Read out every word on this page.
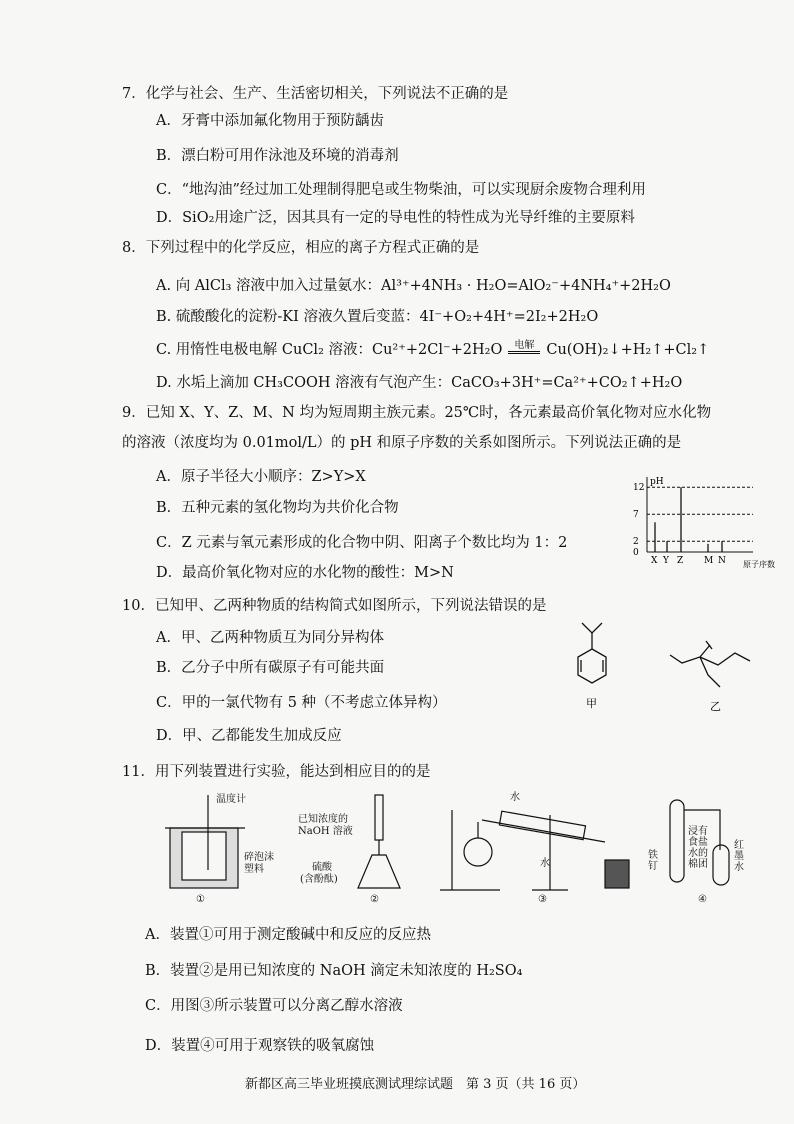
7．化学与社会、生产、生活密切相关，下列说法不正确的是
A．牙膏中添加氟化物用于预防龋齿
B．漂白粉可用作泳池及环境的消毒剂
C．“地沟油”经过加工处理制得肥皂或生物柴油，可以实现厨余废物合理利用
D．SiO₂用途广泛，因其具有一定的导电性的特性成为光导纤维的主要原料
8．下列过程中的化学反应，相应的离子方程式正确的是
A. 向 AlCl₃ 溶液中加入过量氨水：Al³⁺+4NH₃ · H₂O=AlO₂⁻+4NH₄⁺+2H₂O
B. 硫酸酸化的淀粉-KI 溶液久置后变蓝：4I⁻+O₂+4H⁺=2I₂+2H₂O
C. 用惰性电极电解 CuCl₂ 溶液：Cu²⁺+2Cl⁻+2H₂O 电解 Cu(OH)₂↓+H₂↑+Cl₂↑
D. 水垢上滴加 CH₃COOH 溶液有气泡产生：CaCO₃+3H⁺=Ca²⁺+CO₂↑+H₂O
9．已知 X、Y、Z、M、N 均为短周期主族元素。25℃时，各元素最高价氧化物对应水化物
的溶液（浓度均为 0.01mol/L）的 pH 和原子序数的关系如图所示。下列说法正确的是
A．原子半径大小顺序：Z>Y>X
B．五种元素的氢化物均为共价化合物
C．Z 元素与氧元素形成的化合物中阴、阳离子个数比均为 1：2
D．最高价氧化物对应的水化物的酸性：M>N
pH
原子序数
0
2
7
12
X Y Z M N
10．已知甲、乙两种物质的结构简式如图所示，下列说法错误的是
A．甲、乙两种物质互为同分异构体
B．乙分子中所有碳原子有可能共面
C．甲的一氯代物有 5 种（不考虑立体异构）
D．甲、乙都能发生加成反应
甲	乙
11．用下列装置进行实验，能达到相应目的的是
温度计
碎泡沫
塑料
①
已知浓度的
NaOH 溶液
硫酸
(含酚酞)
②
水
水
③
铁钉
浸有食盐水的棉团
红墨水
④
A．装置①可用于测定酸碱中和反应的反应热
B．装置②是用已知浓度的 NaOH 滴定未知浓度的 H₂SO₄
C．用图③所示装置可以分离乙醇水溶液
D．装置④可用于观察铁的吸氧腐蚀
新都区高三毕业班摸底测试理综试题　第 3 页（共 16 页）
